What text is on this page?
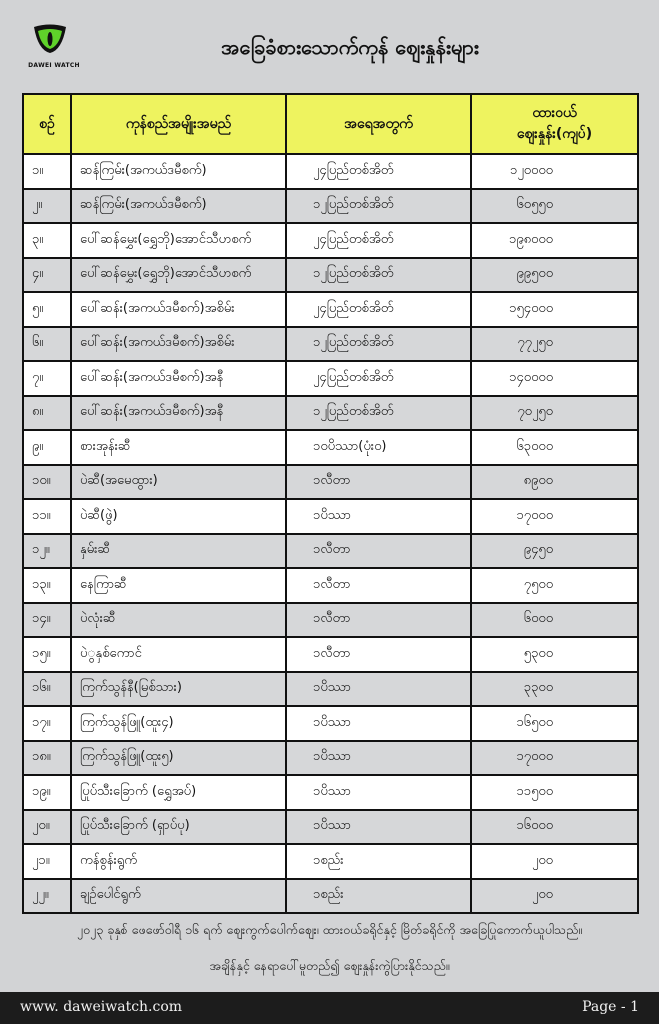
DAWEI WATCH
အခြေခံစားသောက်ကုန် ဈေးနှုန်းများ
စဉ်	ကုန်စည်အမျိုးအမည်	အရေအတွက်	ထားဝယ်
ဈေးနှုန်း(ကျပ်)

၁။	ဆန်ကြမ်း(အကယ်ဒမီစက်)	၂၄ပြည်တစ်အိတ်	၁၂၀၀၀၀
၂။	ဆန်ကြမ်း(အကယ်ဒမီစက်)	၁၂ပြည်တစ်အိတ်	၆၀၅၅၀
၃။	ပေါ်ဆန်မွှေး(ရွှေဘို)အောင်သီဟစက်	၂၄ပြည်တစ်အိတ်	၁၉၈၀၀၀
၄။	ပေါ်ဆန်မွှေး(ရွှေဘို)အောင်သီဟစက်	၁၂ပြည်တစ်အိတ်	၉၉၅၀၀
၅။	ပေါ်ဆန်း(အကယ်ဒမီစက်)အစိမ်း	၂၄ပြည်တစ်အိတ်	၁၅၄၀၀၀
၆။	ပေါ်ဆန်း(အကယ်ဒမီစက်)အစိမ်း	၁၂ပြည်တစ်အိတ်	၇၇၂၅၀
၇။	ပေါ်ဆန်း(အကယ်ဒမီစက်)အနီ	၂၄ပြည်တစ်အိတ်	၁၄၀၀၀၀
၈။	ပေါ်ဆန်း(အကယ်ဒမီစက်)အနီ	၁၂ပြည်တစ်အိတ်	၇၀၂၅၀
၉။	စားအုန်းဆီ	၁၀ပိဿာ(ပုံး၀)	၆၃၀၀၀
၁၀။	ပဲဆီ(အမေထွား)	၁လီတာ	၈၉၀၀
၁၁။	ပဲဆီ(ဖွဲ)	၁ပိဿာ	၁၇၀၀၀
၁၂။	နှမ်းဆီ	၁လီတာ	၉၄၅၀
၁၃။	နေကြာဆီ	၁လီတာ	၇၅၀၀
၁၄။	ပဲလုံးဆီ	၁လီတာ	၆၀၀၀
၁၅။	ပဲွနှစ်ကောင်	၁လီတာ	၅၃၀၀
၁၆။	ကြက်သွန်နီ(မြစ်သား)	၁ပိဿာ	၃၃၀၀
၁၇။	ကြက်သွန်ဖြူ(ထူး၄)	၁ပိဿာ	၁၆၅၀၀
၁၈။	ကြက်သွန်ဖြူ(ထူး၅)	၁ပိဿာ	၁၇၀၀၀
၁၉။	ပြုပ်သီးခြောက် (ရွှေအပ်)	၁ပိဿာ	၁၁၅၀၀
၂၀။	ပြုပ်သီးခြောက် (ရှာပ်ပု)	၁ပိဿာ	၁၆၀၀၀
၂၁။	ကန်စွန်းရွက်	၁စည်း	၂၀၀
၂၂။	ချဉ်ပေါင်ရွက်	၁စည်း	၂၀၀
၂၀၂၃ ခုနှစ် ဖေဖော်ဝါရီ ၁၆ ရက် ဈေးကွက်ပေါက်ဈေး၊ ထားဝယ်ခရိုင်နှင့် မြိတ်ခရိုင်ကို အခြေပြုကောက်ယူပါသည်။
အချိန်နှင့် နေရာပေါ်မူတည်၍ ဈေးနှုန်းကွဲပြားနိုင်သည်။
www. daweiwatch.com	Page - 1
